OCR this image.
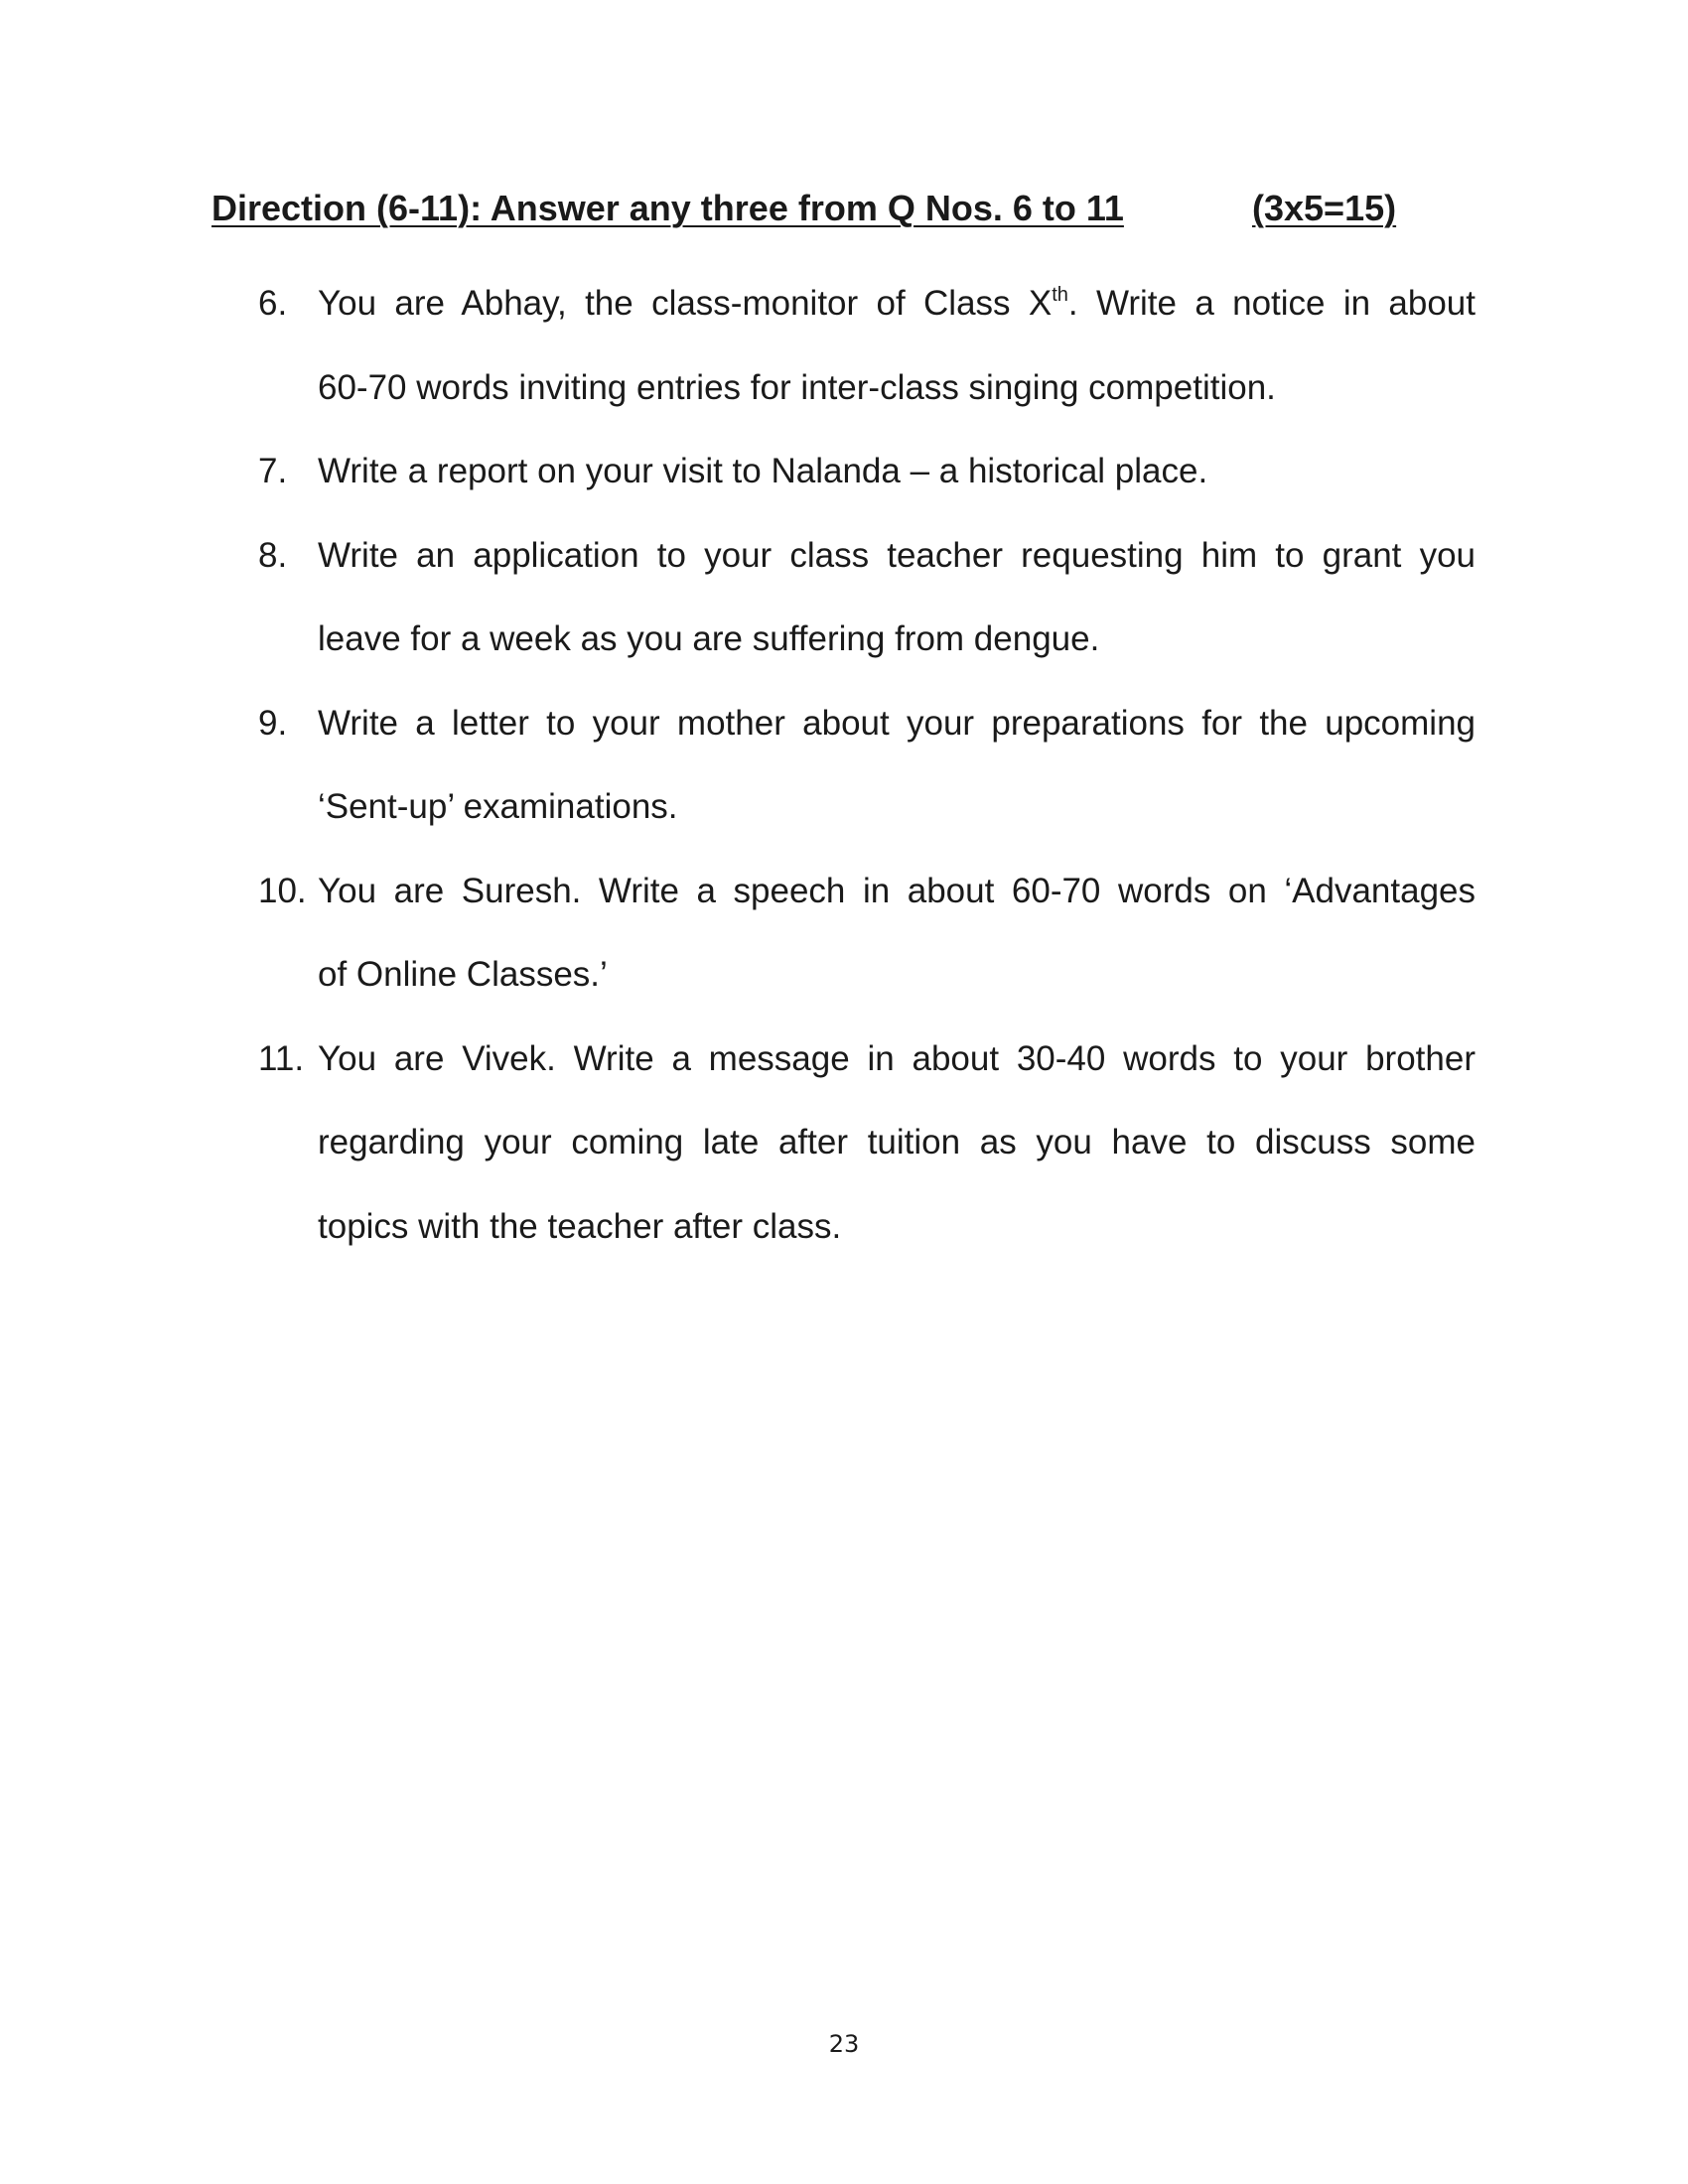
Direction (6-11): Answer any three from Q Nos. 6 to 11	(3x5=15)
6. You are Abhay, the class-monitor of Class Xth. Write a notice in about
60-70 words inviting entries for inter-class singing competition.
7. Write a report on your visit to Nalanda – a historical place.
8. Write an application to your class teacher requesting him to grant you
leave for a week as you are suffering from dengue.
9. Write a letter to your mother about your preparations for the upcoming
‘Sent-up’ examinations.
10. You are Suresh. Write a speech in about 60-70 words on ‘Advantages
of Online Classes.’
11. You are Vivek. Write a message in about 30-40 words to your brother
regarding your coming late after tuition as you have to discuss some
topics with the teacher after class.
23
